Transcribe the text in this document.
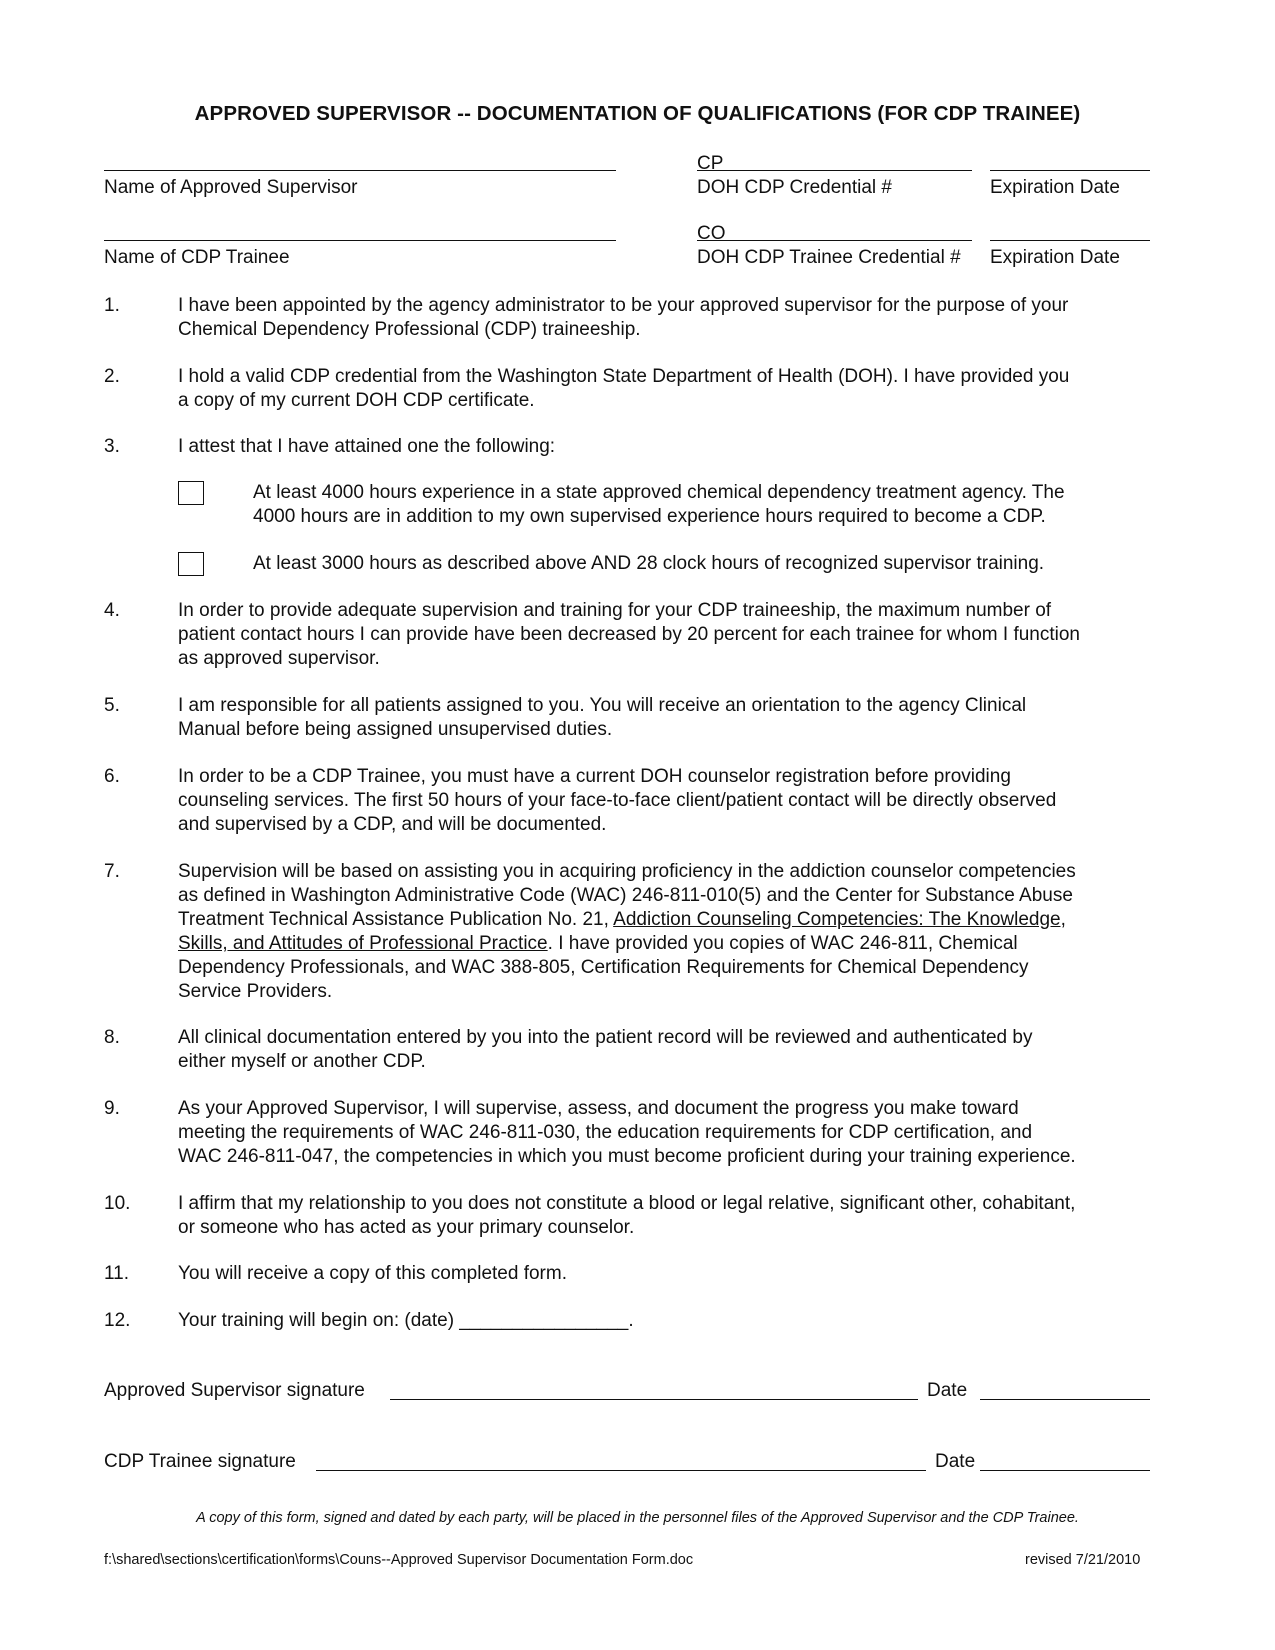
APPROVED SUPERVISOR -- DOCUMENTATION OF QUALIFICATIONS (FOR CDP TRAINEE)
Name of Approved Supervisor
CP
DOH CDP Credential #	Expiration Date
Name of CDP Trainee
CO
DOH CDP Trainee Credential # Expiration Date
1.	I have been appointed by the agency administrator to be your approved supervisor for the purpose of your
Chemical Dependency Professional (CDP) traineeship.
2.	I hold a valid CDP credential from the Washington State Department of Health (DOH). I have provided you
a copy of my current DOH CDP certificate.
3.	I attest that I have attained one the following:
At least 4000 hours experience in a state approved chemical dependency treatment agency. The
4000 hours are in addition to my own supervised experience hours required to become a CDP.
At least 3000 hours as described above AND 28 clock hours of recognized supervisor training.
4.	In order to provide adequate supervision and training for your CDP traineeship, the maximum number of
patient contact hours I can provide have been decreased by 20 percent for each trainee for whom I function
as approved supervisor.
5.	I am responsible for all patients assigned to you. You will receive an orientation to the agency Clinical
Manual before being assigned unsupervised duties.
6.	In order to be a CDP Trainee, you must have a current DOH counselor registration before providing
counseling services. The first 50 hours of your face-to-face client/patient contact will be directly observed
and supervised by a CDP, and will be documented.
7.	Supervision will be based on assisting you in acquiring proficiency in the addiction counselor competencies
as defined in Washington Administrative Code (WAC) 246-811-010(5) and the Center for Substance Abuse
Treatment Technical Assistance Publication No. 21, Addiction Counseling Competencies: The Knowledge,
Skills, and Attitudes of Professional Practice. I have provided you copies of WAC 246-811, Chemical
Dependency Professionals, and WAC 388-805, Certification Requirements for Chemical Dependency
Service Providers.
8.	All clinical documentation entered by you into the patient record will be reviewed and authenticated by
either myself or another CDP.
9.	As your Approved Supervisor, I will supervise, assess, and document the progress you make toward
meeting the requirements of WAC 246-811-030, the education requirements for CDP certification, and
WAC 246-811-047, the competencies in which you must become proficient during your training experience.
10.	I affirm that my relationship to you does not constitute a blood or legal relative, significant other, cohabitant,
or someone who has acted as your primary counselor.
11.	You will receive a copy of this completed form.
12.	Your training will begin on: (date) ________________.
Approved Supervisor signature	Date
CDP Trainee signature	Date
A copy of this form, signed and dated by each party, will be placed in the personnel files of the Approved Supervisor and the CDP Trainee.
f:\shared\sections\certification\forms\Couns--Approved Supervisor Documentation Form.doc	revised 7/21/2010
